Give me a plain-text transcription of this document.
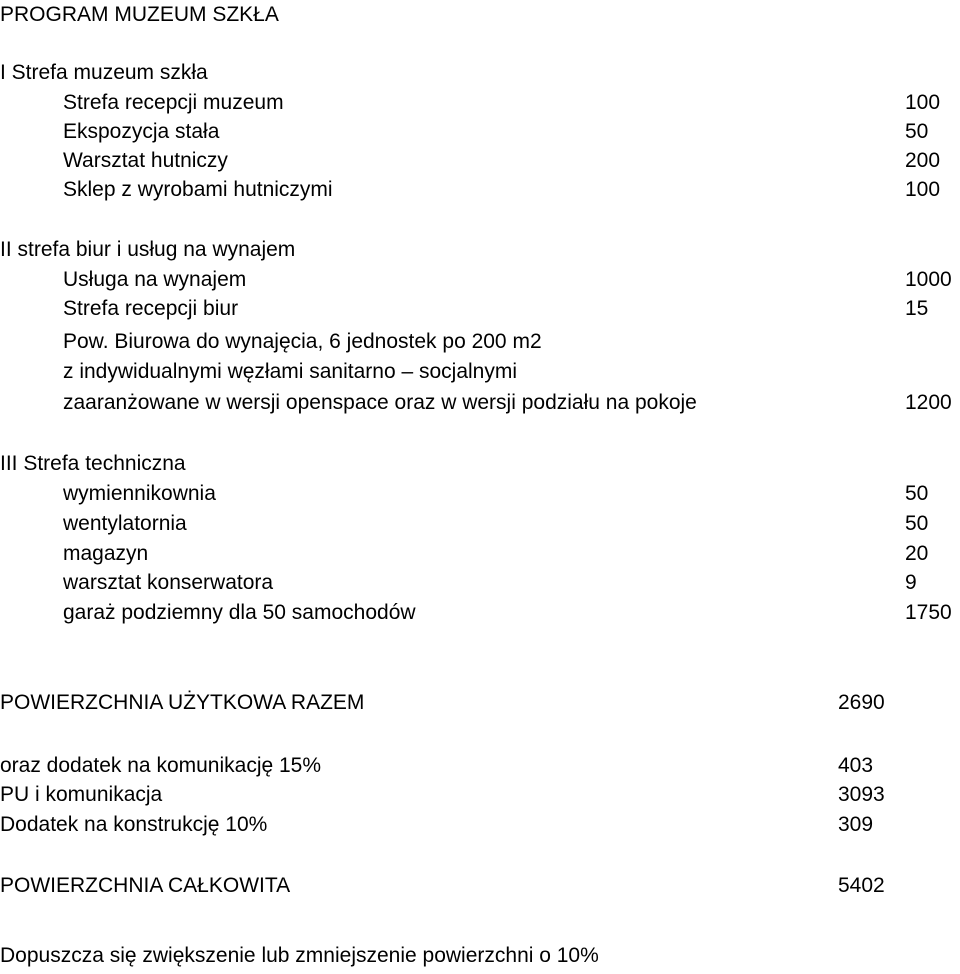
PROGRAM MUZEUM SZKŁA
I Strefa muzeum szkła
Strefa recepcji muzeum	100
Ekspozycja stała	50
Warsztat hutniczy	200
Sklep z wyrobami hutniczymi	100
II strefa biur i usług na wynajem
Usługa na wynajem	1000
Strefa recepcji biur	15
Pow. Biurowa do wynajęcia, 6 jednostek po 200 m2
z indywidualnymi węzłami sanitarno – socjalnymi
zaaranżowane w wersji openspace oraz w wersji podziału na pokoje	1200
III Strefa techniczna
wymiennikownia	50
wentylatornia	50
magazyn	20
warsztat konserwatora	9
garaż podziemny dla 50 samochodów	1750
POWIERZCHNIA UŻYTKOWA RAZEM	2690
oraz dodatek na komunikację 15%	403
PU i komunikacja	3093
Dodatek na konstrukcję 10%	309
POWIERZCHNIA CAŁKOWITA	5402
Dopuszcza się zwiększenie lub zmniejszenie powierzchni o 10%
